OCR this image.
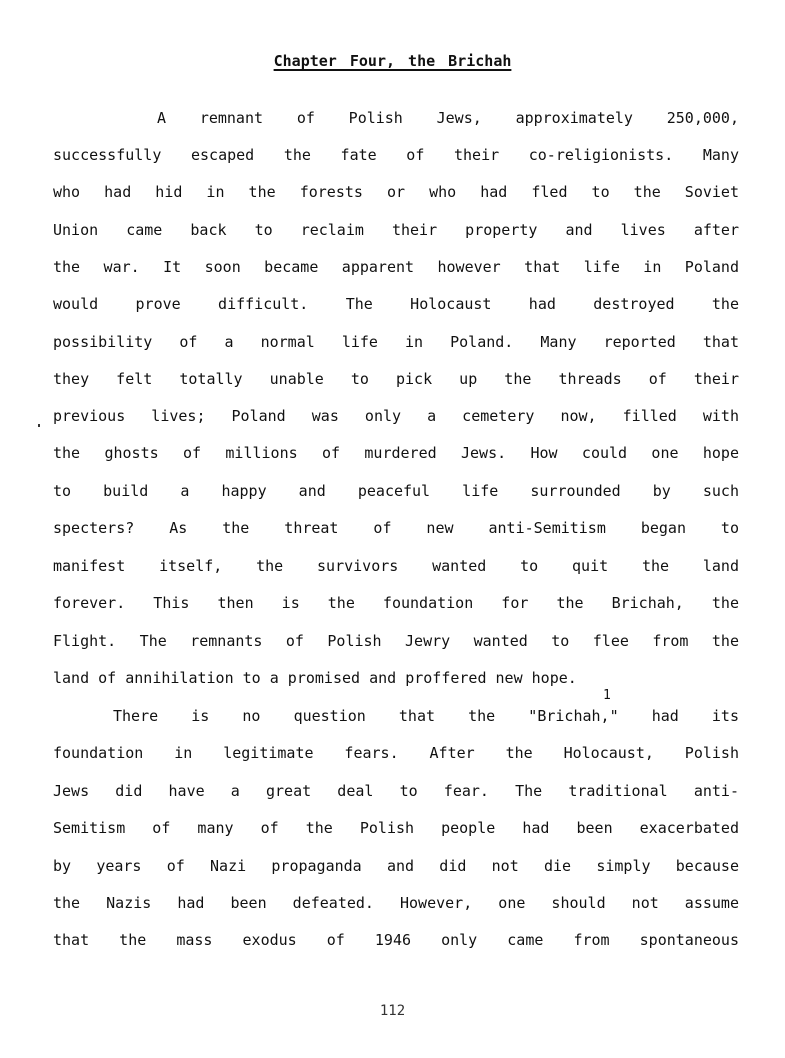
Chapter Four, the Brichah
A remnant of Polish Jews, approximately 250,000,
successfully escaped the fate of their co-religionists. Many
who had hid in the forests or who had fled to the Soviet
Union came back to reclaim their property and lives after
the war. It soon became apparent however that life in Poland
would prove difficult. The Holocaust had destroyed the
possibility of a normal life in Poland. Many reported that
they felt totally unable to pick up the threads of their
previous lives; Poland was only a cemetery now, filled with
the ghosts of millions of murdered Jews. How could one hope
to build a happy and peaceful life surrounded by such
specters? As the threat of new anti-Semitism began to
manifest itself, the survivors wanted to quit the land
forever. This then is the foundation for the Brichah, the
Flight. The remnants of Polish Jewry wanted to flee from the
land of annihilation to a promised and proffered new hope.
1
There is no question that the "Brichah," had its
foundation in legitimate fears. After the Holocaust, Polish
Jews did have a great deal to fear. The traditional anti-
Semitism of many of the Polish people had been exacerbated
by years of Nazi propaganda and did not die simply because
the Nazis had been defeated. However, one should not assume
that the mass exodus of 1946 only came from spontaneous
112
